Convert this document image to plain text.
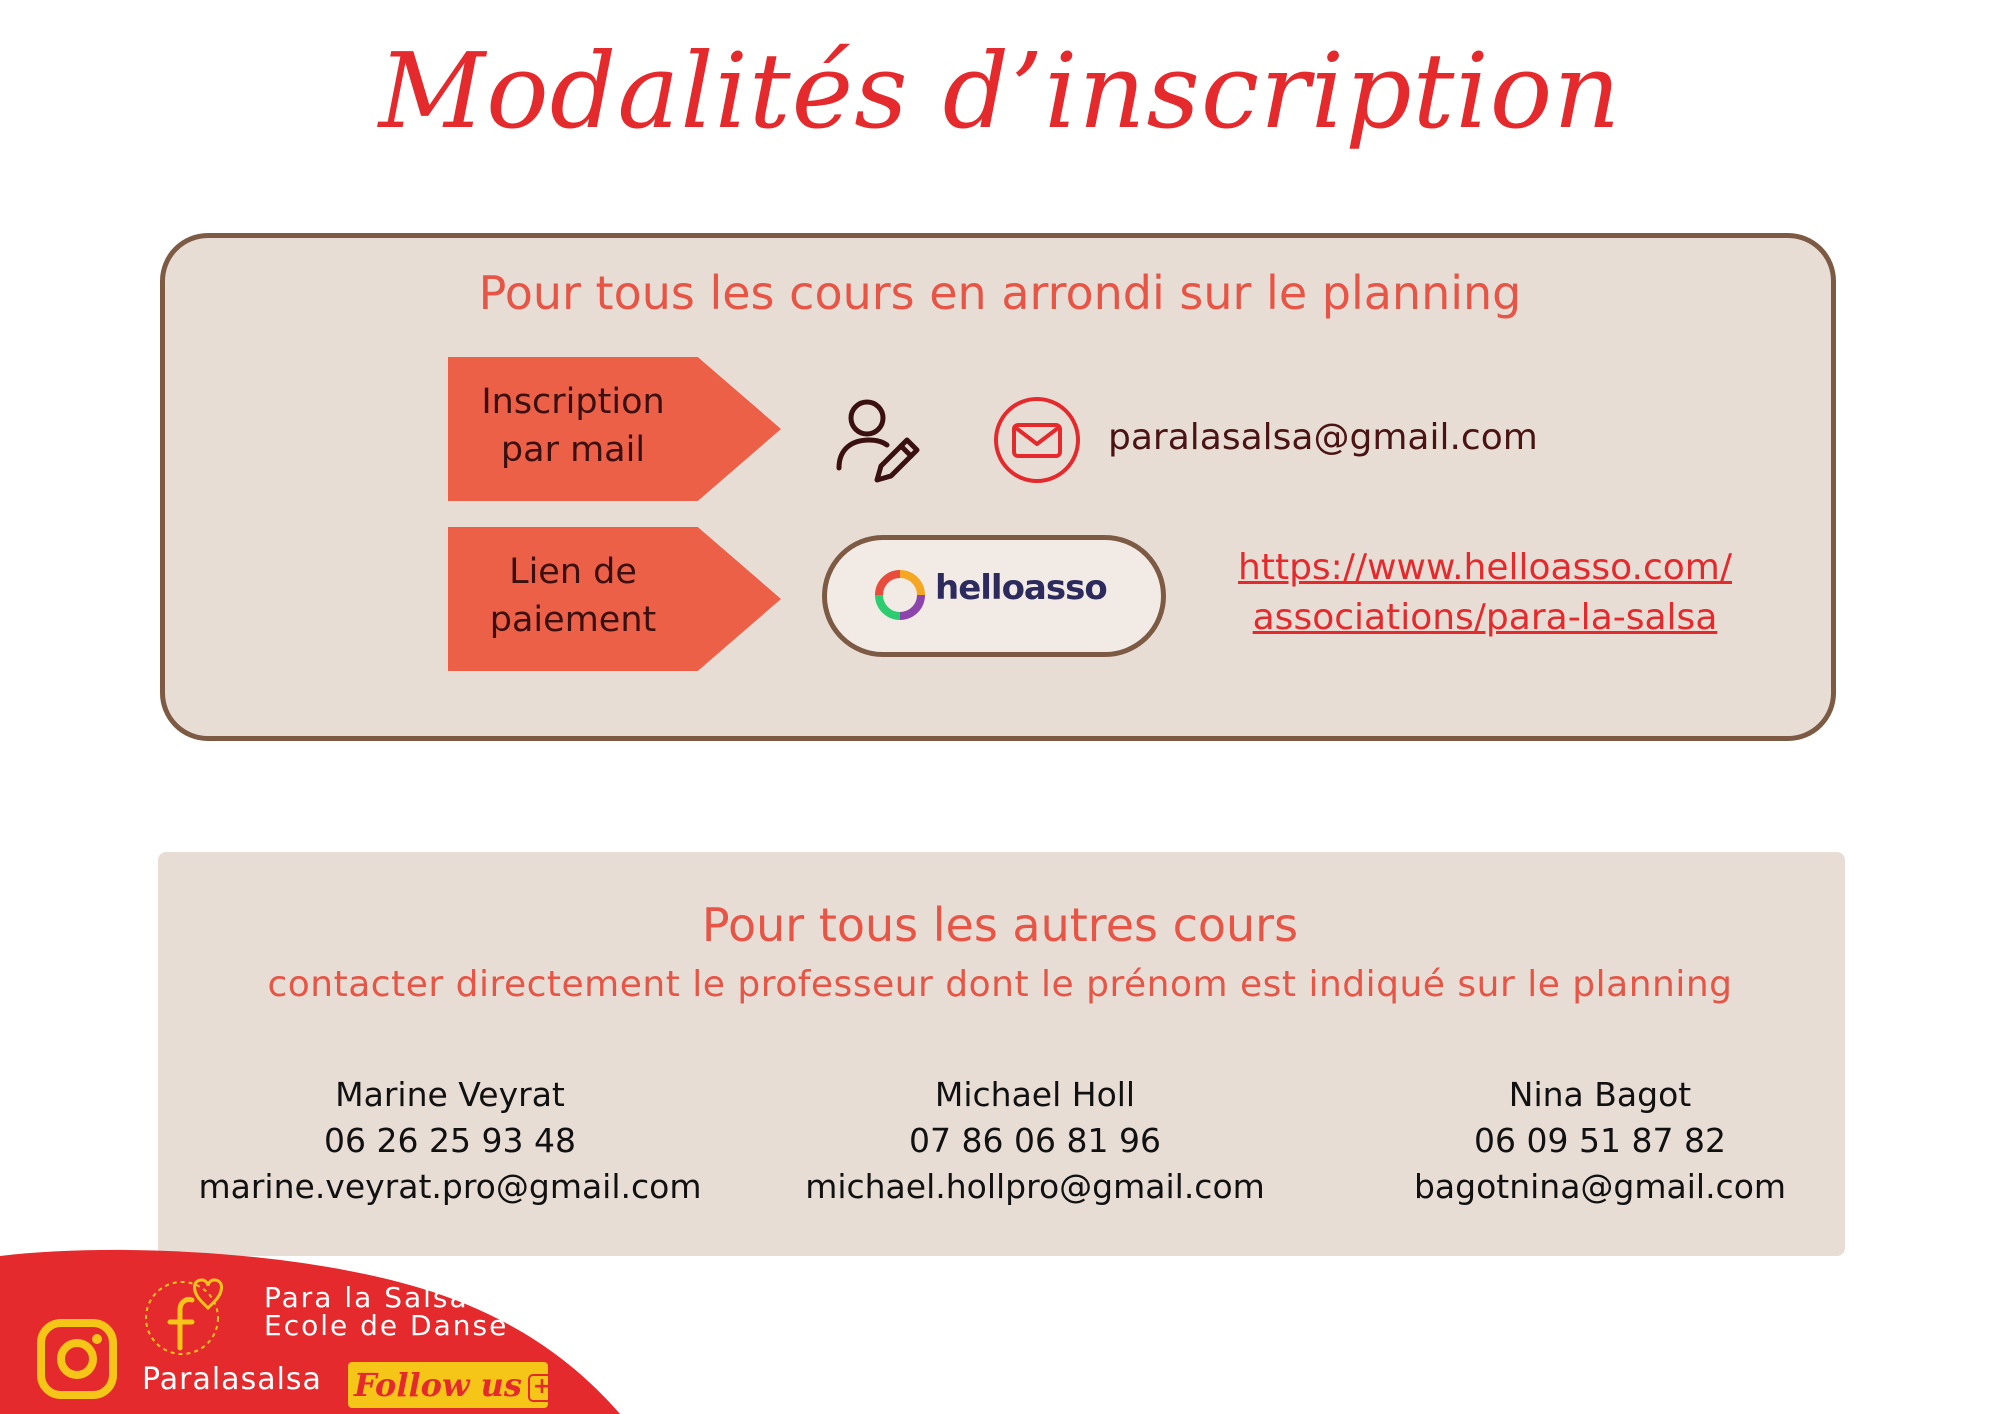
Modalités d’inscription
Pour tous les cours en arrondi sur le planning
Inscription
par mail	paralasalsa@gmail.com
Lien de
paiement
helloasso	https://www.helloasso.com/
associations/para-la-salsa
Pour tous les autres cours
contacter directement le professeur dont le prénom est indiqué sur le planning
Marine Veyrat
06 26 25 93 48
marine.veyrat.pro@gmail.com
Michael Holl
07 86 06 81 96
michael.hollpro@gmail.com
Nina Bagot
06 09 51 87 82
bagotnina@gmail.com
Para la Salsa
Ecole de Danse
Paralasalsa Follow us +
